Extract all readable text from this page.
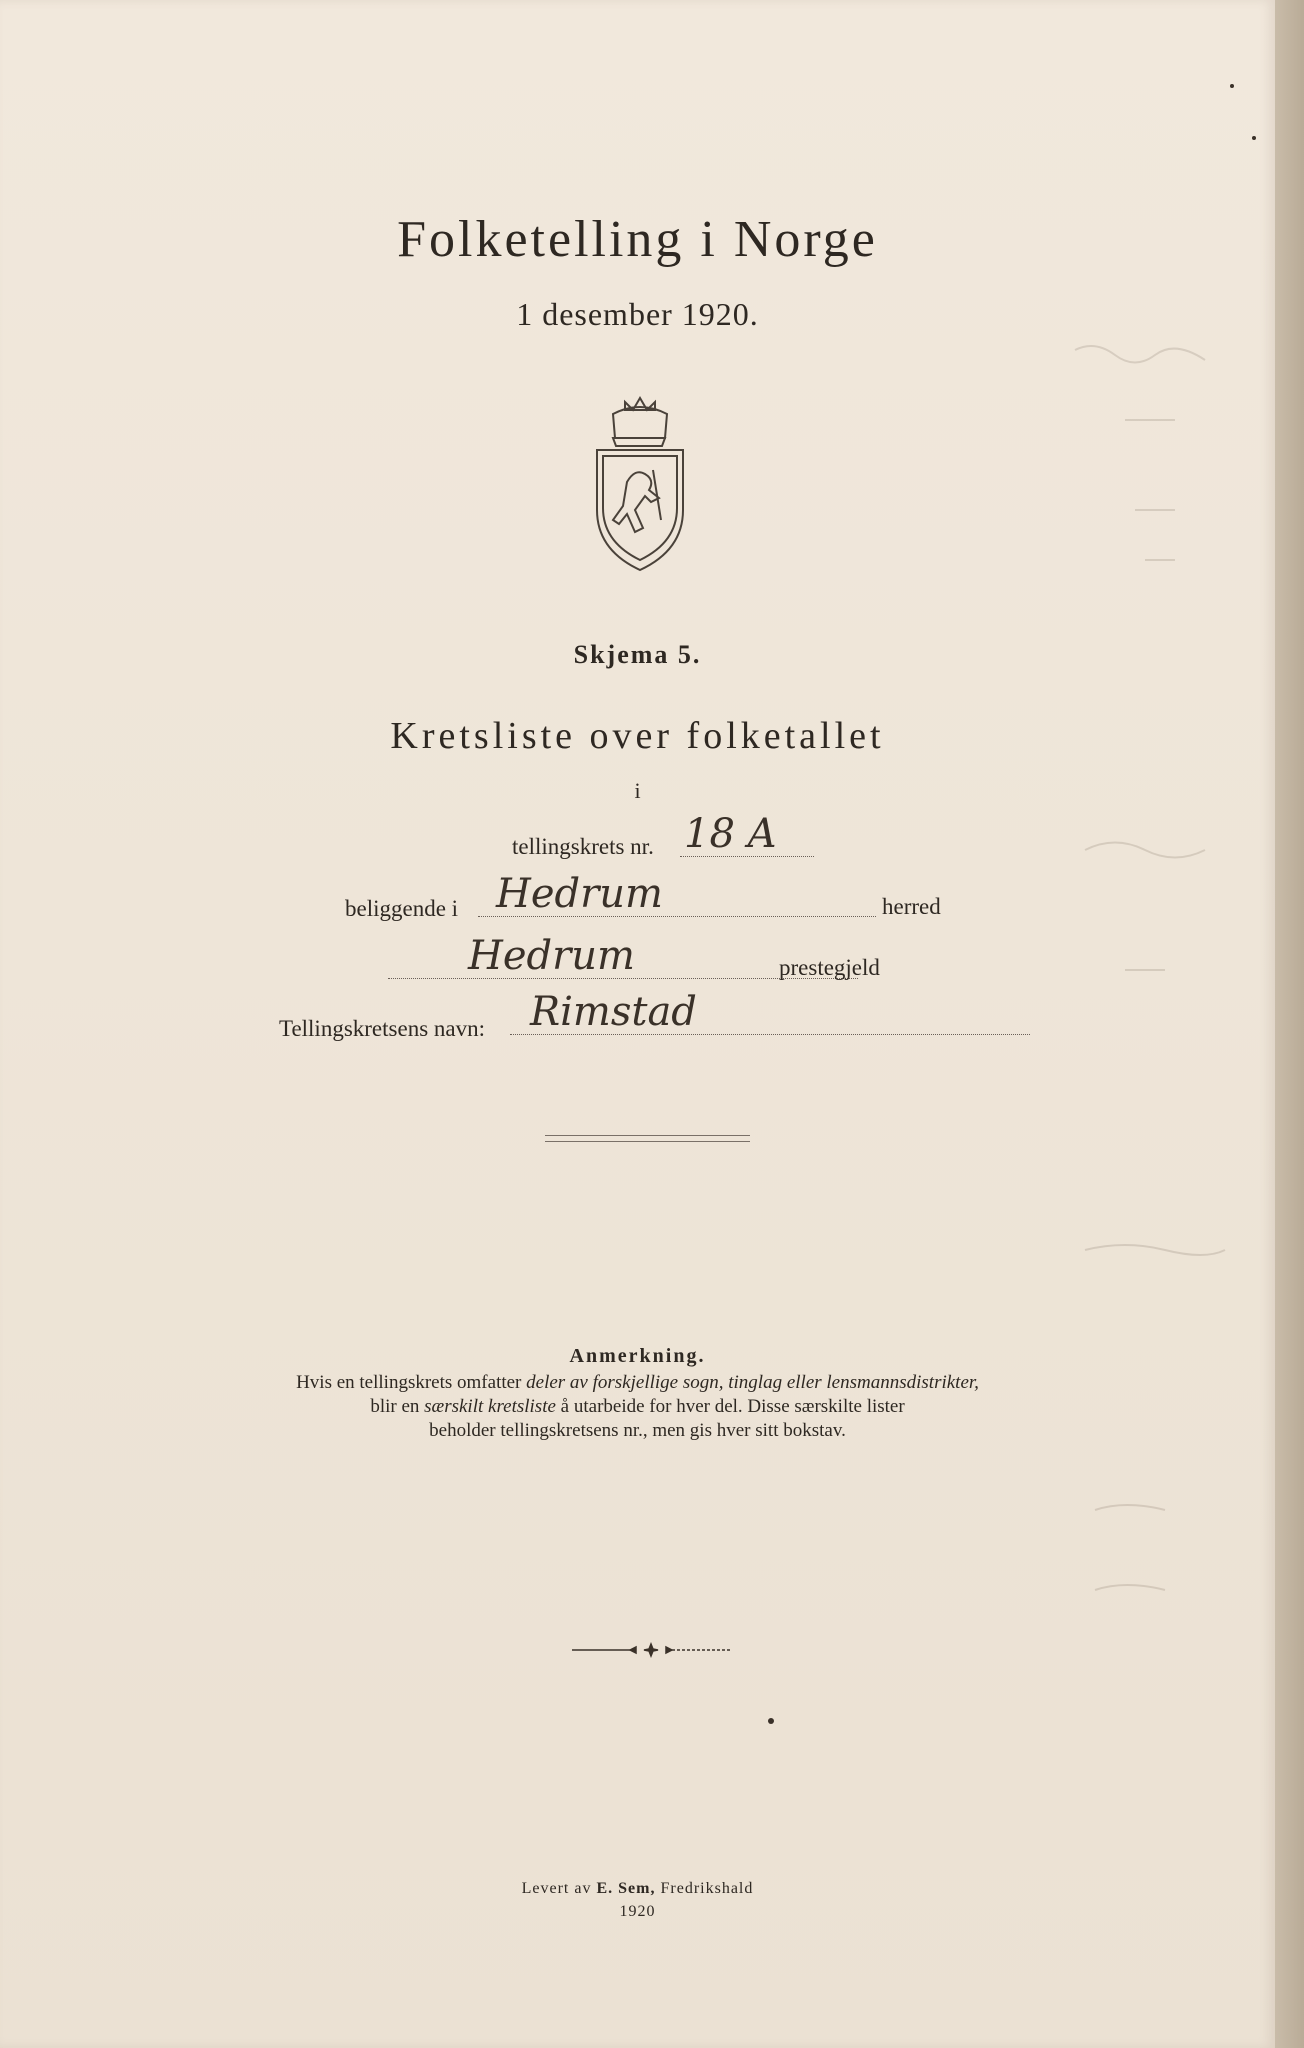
Folketelling i Norge
1 desember 1920.
Skjema 5.
Kretsliste over folketallet
i
tellingskrets nr. 18 A
beliggende i Hedrum	herred
Hedrum	prestegjeld
Tellingskretsens navn:	Rimstad
Anmerkning.
Hvis en tellingskrets omfatter deler av forskjellige sogn, tinglag eller lensmannsdistrikter,
blir en særskilt kretsliste å utarbeide for hver del. Disse særskilte lister
beholder tellingskretsens nr., men gis hver sitt bokstav.
Levert av E. Sem, Fredrikshald
1920
